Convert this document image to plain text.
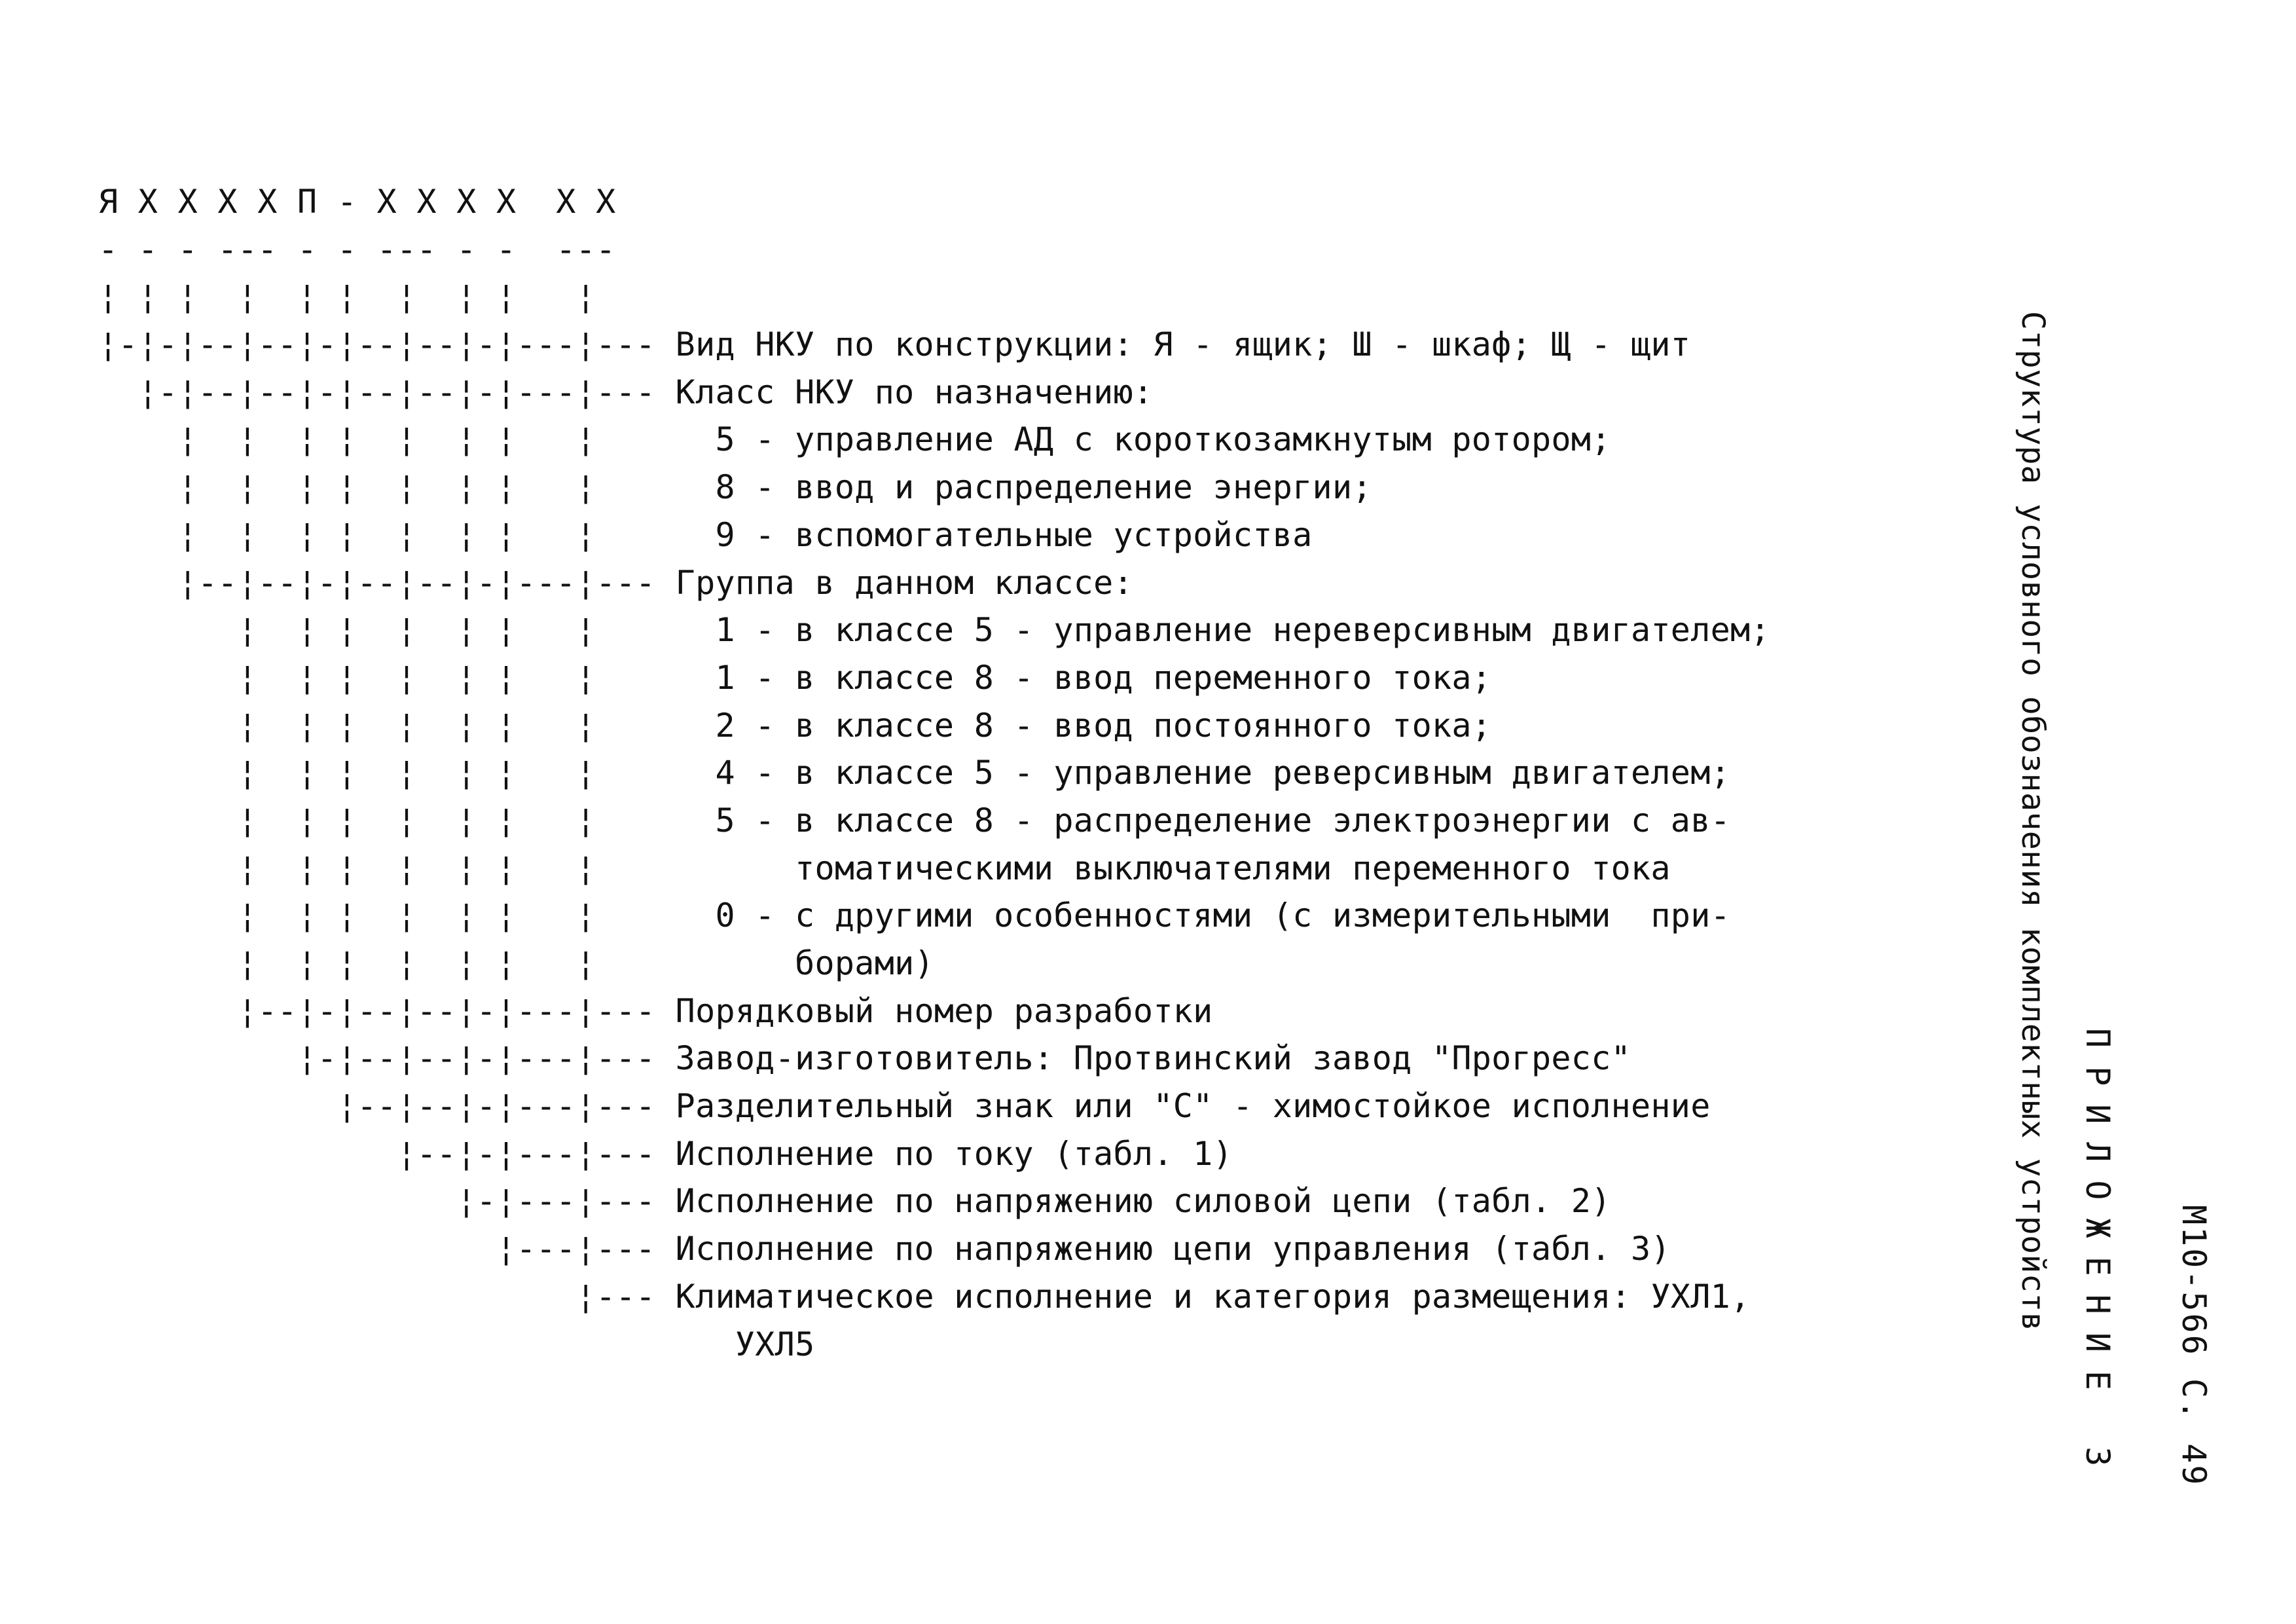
Я Х Х Х Х П - Х Х Х Х  Х Х
- - - --- - - --- - -  ---
¦ ¦ ¦  ¦  ¦ ¦  ¦  ¦ ¦   ¦
¦-¦-¦--¦--¦-¦--¦--¦-¦---¦--- Вид НКУ по конструкции: Я - ящик; Ш - шкаф; Щ - щит
¦-¦--¦--¦-¦--¦--¦-¦---¦--- Класс НКУ по назначению:
¦  ¦  ¦ ¦  ¦  ¦ ¦   ¦      5 - управление АД с короткозамкнутым ротором;
¦  ¦  ¦ ¦  ¦  ¦ ¦   ¦      8 - ввод и распределение энергии;
¦  ¦  ¦ ¦  ¦  ¦ ¦   ¦      9 - вспомогательные устройства
¦--¦--¦-¦--¦--¦-¦---¦--- Группа в данном классе:
¦  ¦ ¦  ¦  ¦ ¦   ¦      1 - в классе 5 - управление нереверсивным двигателем;
¦  ¦ ¦  ¦  ¦ ¦   ¦      1 - в классе 8 - ввод переменного тока;
¦  ¦ ¦  ¦  ¦ ¦   ¦      2 - в классе 8 - ввод постоянного тока;
¦  ¦ ¦  ¦  ¦ ¦   ¦      4 - в классе 5 - управление реверсивным двигателем;
¦  ¦ ¦  ¦  ¦ ¦   ¦      5 - в классе 8 - распределение электроэнергии с ав-
¦  ¦ ¦  ¦  ¦ ¦   ¦          томатическими выключателями переменного тока
¦  ¦ ¦  ¦  ¦ ¦   ¦      0 - с другими особенностями (с измерительными  при-
¦  ¦ ¦  ¦  ¦ ¦   ¦          борами)
¦--¦-¦--¦--¦-¦---¦--- Порядковый номер разработки
¦-¦--¦--¦-¦---¦--- Завод-изготовитель: Протвинский завод "Прогресс"
¦--¦--¦-¦---¦--- Разделительный знак или "С" - химостойкое исполнение
¦--¦-¦---¦--- Исполнение по току (табл. 1)
¦-¦---¦--- Исполнение по напряжению силовой цепи (табл. 2)
¦---¦--- Исполнение по напряжению цепи управления (табл. 3)
¦--- Климатическое исполнение и категория размещения: УХЛ1,
УХЛ5
Структура условного обозначения комплектных устройств ПРИЛОЖЕНИЕ 3 М10-566 С. 49
